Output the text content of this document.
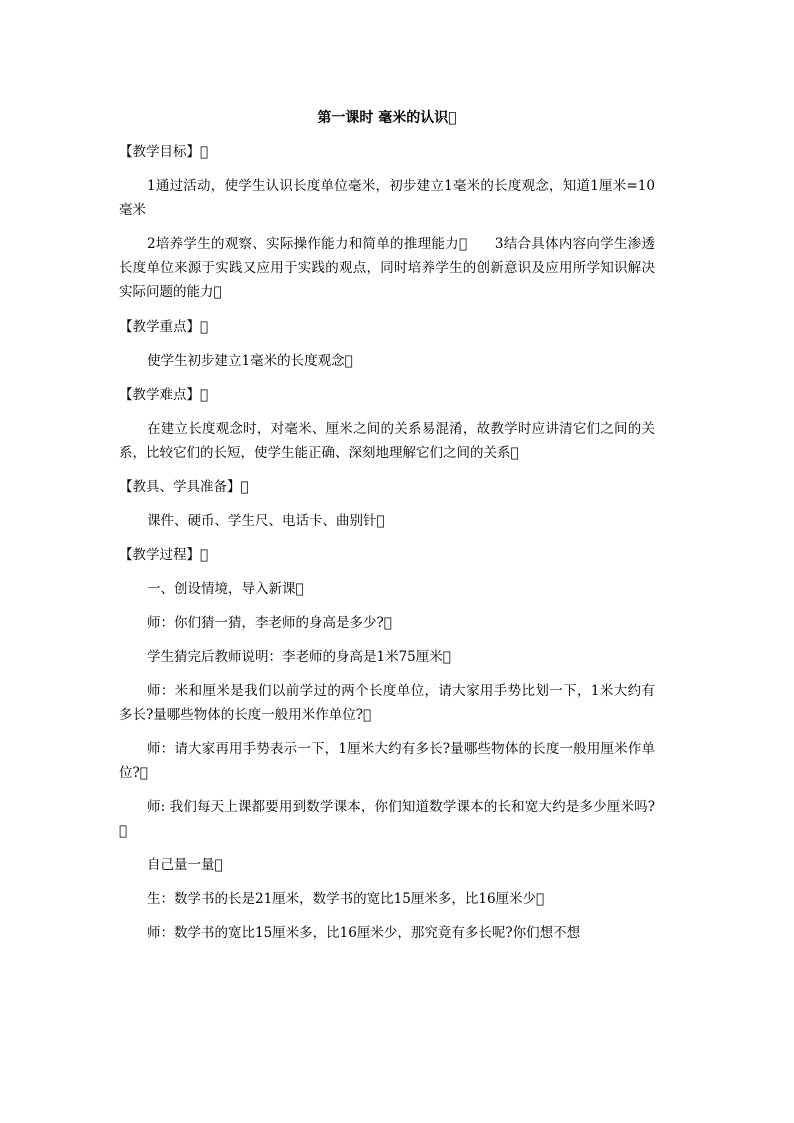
第一课时 毫米的认识

【教学目标】

1通过活动，使学生认识长度单位毫米，初步建立1毫米的长度观念，知道1厘米=10毫米

2培养学生的观察、实际操作能力和简单的推理能力 　　3结合具体内容向学生渗透长度单位来源于实践又应用于实践的观点，同时培养学生的创新意识及应用所学知识解决实际问题的能力

【教学重点】

使学生初步建立1毫米的长度观念

【教学难点】

在建立长度观念时，对毫米、厘米之间的关系易混淆，故教学时应讲清它们之间的关系，比较它们的长短，使学生能正确、深刻地理解它们之间的关系

【教具、学具准备】

课件、硬币、学生尺、电话卡、曲别针

【教学过程】

一、创设情境，导入新课

师：你们猜一猜，李老师的身高是多少?

学生猜完后教师说明：李老师的身高是1米75厘米

师：米和厘米是我们以前学过的两个长度单位，请大家用手势比划一下，1米大约有多长?量哪些物体的长度一般用米作单位?

师：请大家再用手势表示一下，1厘米大约有多长?量哪些物体的长度一般用厘米作单位?

师: 我们每天上课都要用到数学课本，你们知道数学课本的长和宽大约是多少厘米吗?

自己量一量

生：数学书的长是21厘米，数学书的宽比15厘米多，比16厘米少

师：数学书的宽比15厘米多，比16厘米少，那究竟有多长呢?你们想不想
